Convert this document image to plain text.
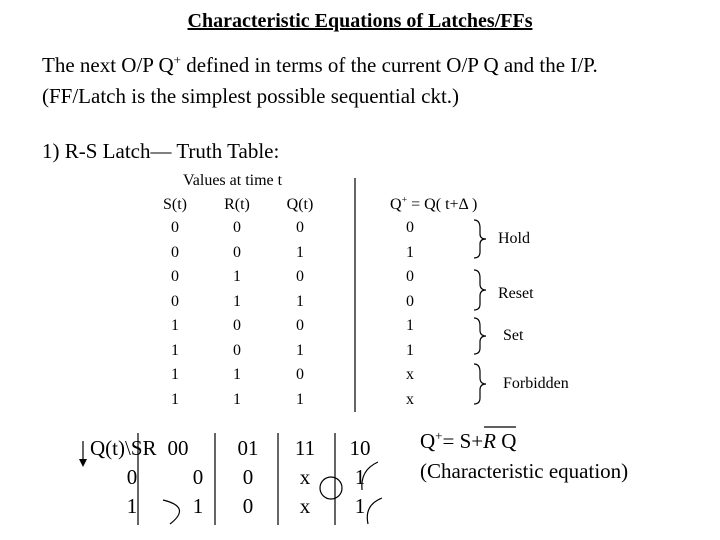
Characteristic Equations of Latches/FFs
The next O/P Q+ defined in terms of the current O/P Q and the I/P.
(FF/Latch is the simplest possible sequential ckt.)
1) R-S Latch— Truth Table:
Values at time t
S(t)	R(t)	Q(t)	Q+ = Q( t+Δ )
0	0	0	0
0	0	1	1
0	1	0	0
0	1	1	0
1	0	0	1
1	0	1	1
1	1	0	x
1	1	1	x
Hold
Reset
Set
Forbidden
Q(t)\SR 00	01	11	10
0	0	0	x	1
1	1	0	x	1
Q+= S+R Q
(Characteristic equation)
